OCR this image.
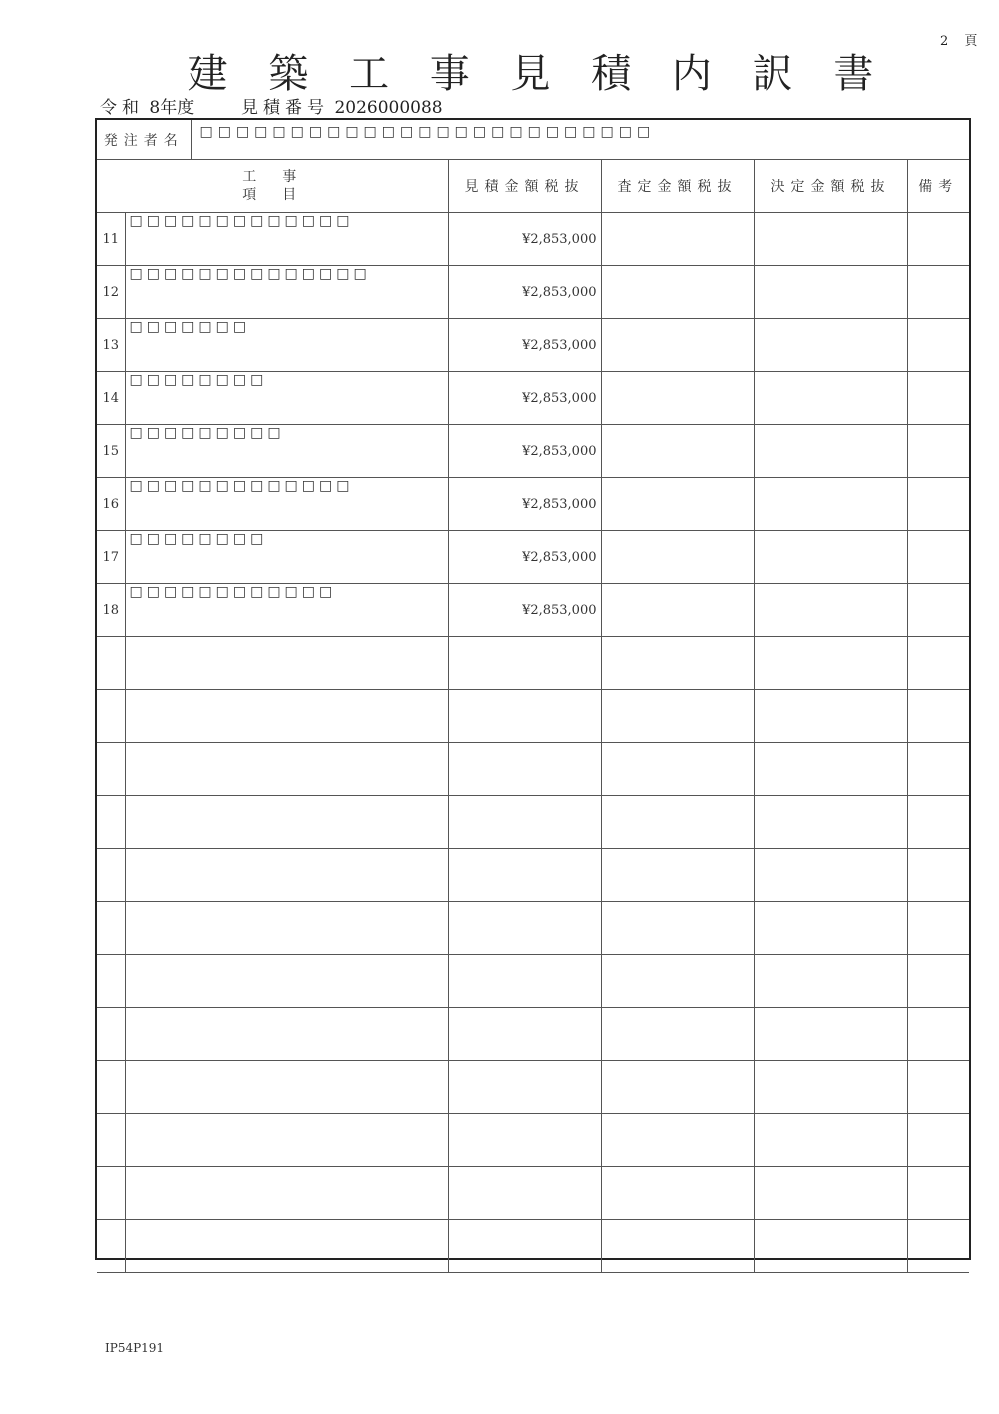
2 頁
建 築 工 事 見 積 内 訳 書
令和 8年度	見積番号 2026000088
発注者名		□□□□□□□□□□□□□□□□□□□□□□□□□				

工　事
項　目			見積金額税抜	査定金額税抜	決定金額税抜	備考
11	□□□□□□□□□□□□□		¥2,853,000			
12	□□□□□□□□□□□□□□		¥2,853,000			
13	□□□□□□□		¥2,853,000			
14	□□□□□□□□		¥2,853,000			
15	□□□□□□□□□		¥2,853,000			
16	□□□□□□□□□□□□□		¥2,853,000			
17	□□□□□□□□		¥2,853,000			
18	□□□□□□□□□□□□		¥2,853,000			

IP54P191
